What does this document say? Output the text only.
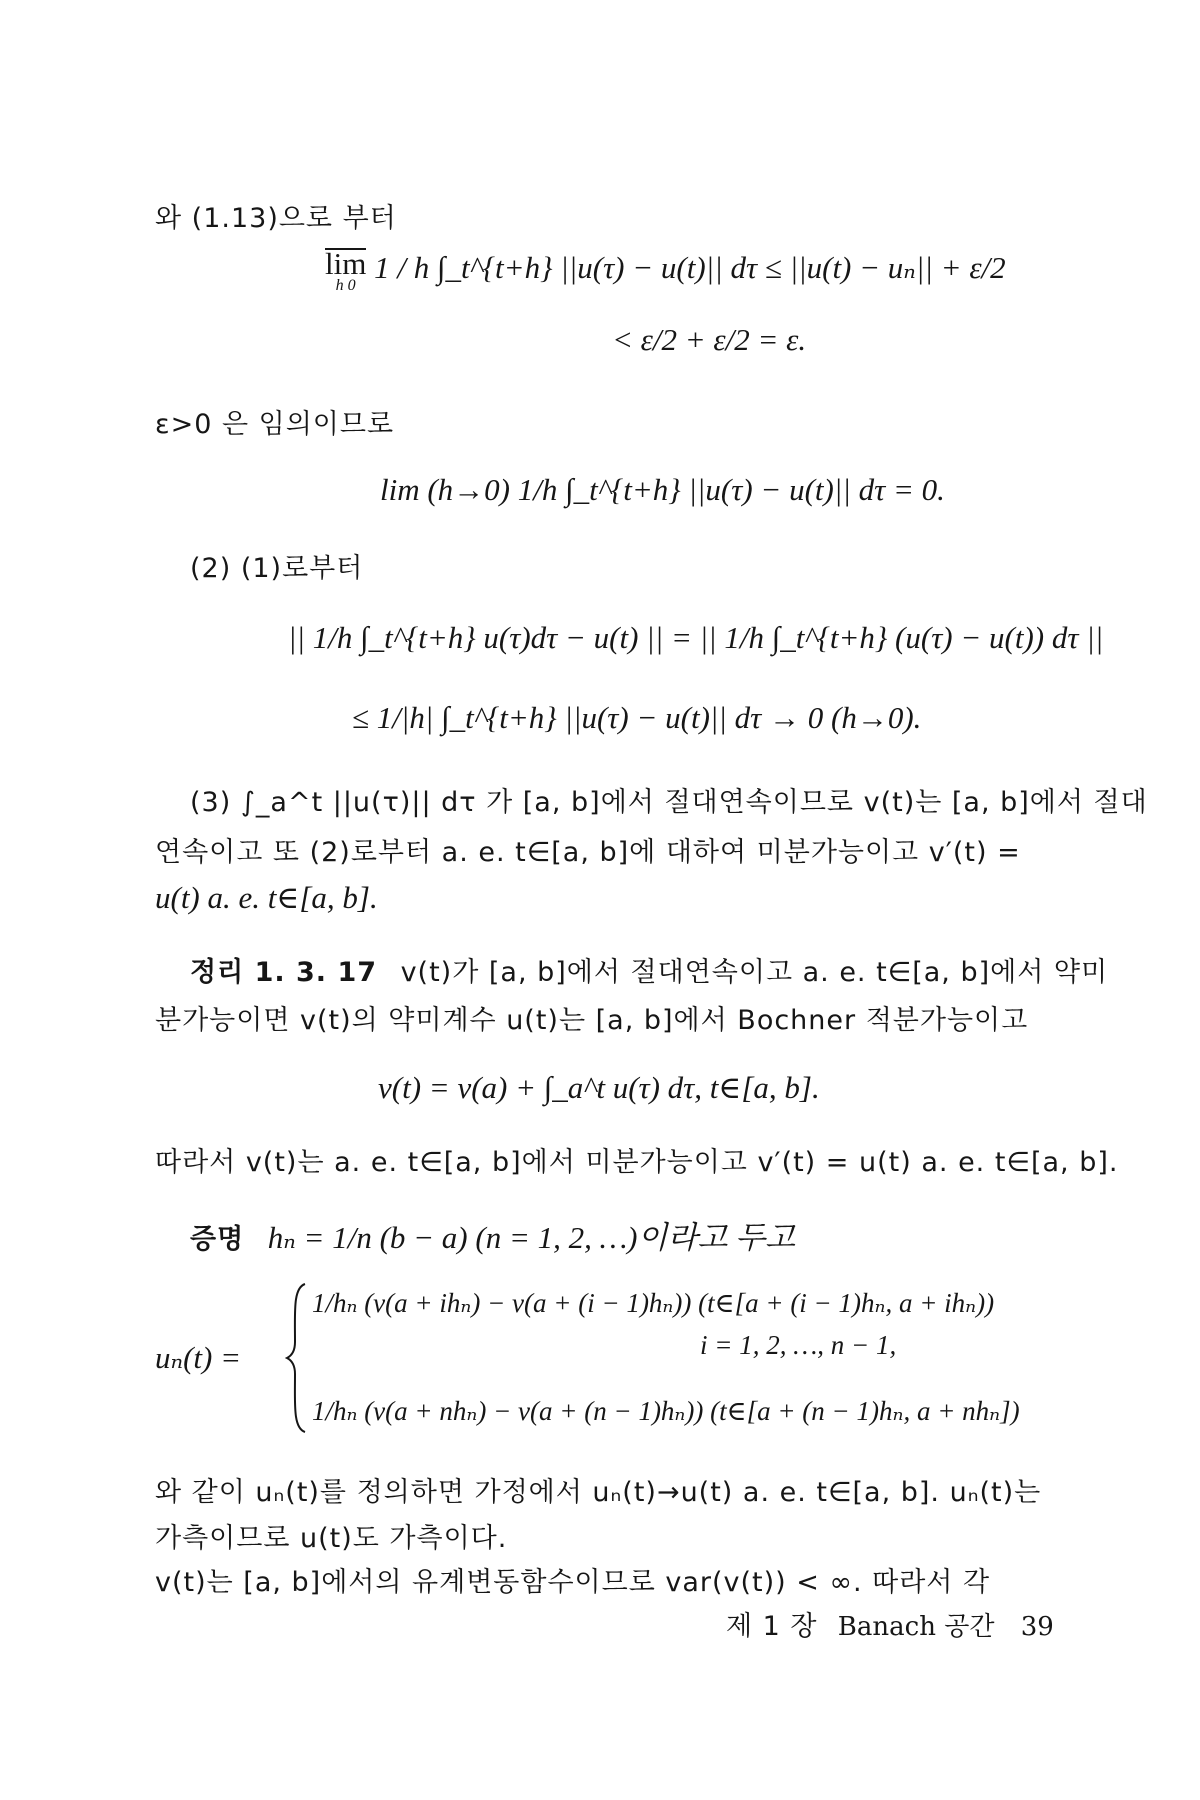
와 (1.13)으로 부터
lim
h 0
1 / h ∫_t^{t+h} ||u(τ) − u(t)|| dτ ≤ ||u(t) − uₙ|| + ε/2
< ε/2 + ε/2 = ε.
ε>0 은 임의이므로
lim (h→0) 1/h ∫_t^{t+h} ||u(τ) − u(t)|| dτ = 0.
(2) (1)로부터
|| 1/h ∫_t^{t+h} u(τ)dτ − u(t) || = || 1/h ∫_t^{t+h} (u(τ) − u(t)) dτ ||
≤ 1/|h| ∫_t^{t+h} ||u(τ) − u(t)|| dτ → 0 (h→0).
(3) ∫_a^t ||u(τ)|| dτ 가 [a, b]에서 절대연속이므로 v(t)는 [a, b]에서 절대
연속이고 또 (2)로부터 a. e. t∈[a, b]에 대하여 미분가능이고 v′(t) =
u(t) a. e. t∈[a, b].
정리 1. 3. 17 v(t)가 [a, b]에서 절대연속이고 a. e. t∈[a, b]에서 약미
분가능이면 v(t)의 약미계수 u(t)는 [a, b]에서 Bochner 적분가능이고
v(t) = v(a) + ∫_a^t u(τ) dτ, t∈[a, b].
따라서 v(t)는 a. e. t∈[a, b]에서 미분가능이고 v′(t) = u(t) a. e. t∈[a, b].
증명 hₙ = 1/n (b − a) (n = 1, 2, …)이라고 두고
uₙ(t) =
1/hₙ (v(a + ihₙ) − v(a + (i − 1)hₙ)) (t∈[a + (i − 1)hₙ, a + ihₙ))
i = 1, 2, …, n − 1,
1/hₙ (v(a + nhₙ) − v(a + (n − 1)hₙ)) (t∈[a + (n − 1)hₙ, a + nhₙ])
와 같이 uₙ(t)를 정의하면 가정에서 uₙ(t)→u(t) a. e. t∈[a, b]. uₙ(t)는
가측이므로 u(t)도 가측이다.
v(t)는 [a, b]에서의 유계변동함수이므로 var(v(t)) < ∞. 따라서 각
제 1 장 Banach 공간 39
